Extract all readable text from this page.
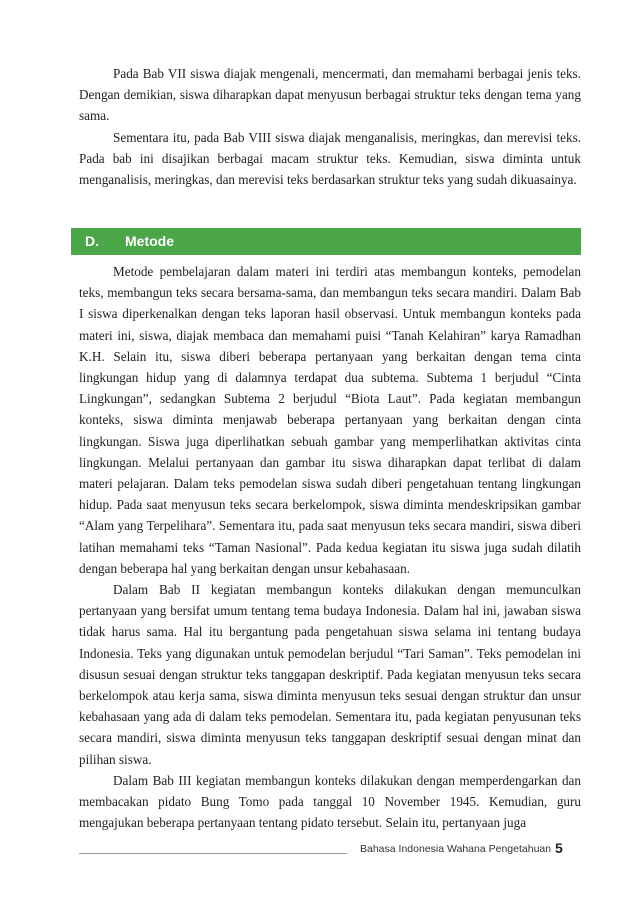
Pada Bab VII siswa diajak mengenali, mencermati, dan memahami berbagai jenis teks. Dengan demikian, siswa diharapkan dapat menyusun berbagai struktur teks dengan tema yang sama.

Sementara itu, pada Bab VIII siswa diajak menganalisis, meringkas, dan merevisi teks. Pada bab ini disajikan berbagai macam struktur teks. Kemudian, siswa diminta untuk menganalisis, meringkas, dan merevisi teks berdasarkan struktur teks yang sudah dikuasainya.

D. Metode

Metode pembelajaran dalam materi ini terdiri atas membangun konteks, pemodelan teks, membangun teks secara bersama-sama, dan membangun teks secara mandiri. Dalam Bab I siswa diperkenalkan dengan teks laporan hasil observasi. Untuk membangun konteks pada materi ini, siswa, diajak membaca dan memahami puisi “Tanah Kelahiran” karya Ramadhan K.H. Selain itu, siswa diberi beberapa pertanyaan yang berkaitan dengan tema cinta lingkungan hidup yang di dalamnya terdapat dua subtema. Subtema 1 berjudul “Cinta Lingkungan”, sedangkan Subtema 2 berjudul “Biota Laut”. Pada kegiatan membangun konteks, siswa diminta menjawab beberapa pertanyaan yang berkaitan dengan cinta lingkungan. Siswa juga diperlihatkan sebuah gambar yang memperlihatkan aktivitas cinta lingkungan. Melalui pertanyaan dan gambar itu siswa diharapkan dapat terlibat di dalam materi pelajaran. Dalam teks pemodelan siswa sudah diberi pengetahuan tentang lingkungan hidup. Pada saat menyusun teks secara berkelompok, siswa diminta mendeskripsikan gambar “Alam yang Terpelihara”. Sementara itu, pada saat menyusun teks secara mandiri, siswa diberi latihan memahami teks “Taman Nasional”. Pada kedua kegiatan itu siswa juga sudah dilatih dengan beberapa hal yang berkaitan dengan unsur kebahasaan.

Dalam Bab II kegiatan membangun konteks dilakukan dengan memunculkan pertanyaan yang bersifat umum tentang tema budaya Indonesia. Dalam hal ini, jawaban siswa tidak harus sama. Hal itu bergantung pada pengetahuan siswa selama ini tentang budaya Indonesia. Teks yang digunakan untuk pemodelan berjudul “Tari Saman”. Teks pemodelan ini disusun sesuai dengan struktur teks tanggapan deskriptif. Pada kegiatan menyusun teks secara berkelompok atau kerja sama, siswa diminta menyusun teks sesuai dengan struktur dan unsur kebahasaan yang ada di dalam teks pemodelan. Sementara itu, pada kegiatan penyusunan teks secara mandiri, siswa diminta menyusun teks tanggapan deskriptif sesuai dengan minat dan pilihan siswa.

Dalam Bab III kegiatan membangun konteks dilakukan dengan memperdengarkan dan membacakan pidato Bung Tomo pada tanggal 10 November 1945. Kemudian, guru mengajukan beberapa pertanyaan tentang pidato tersebut. Selain itu, pertanyaan juga

Bahasa Indonesia Wahana Pengetahuan 5
